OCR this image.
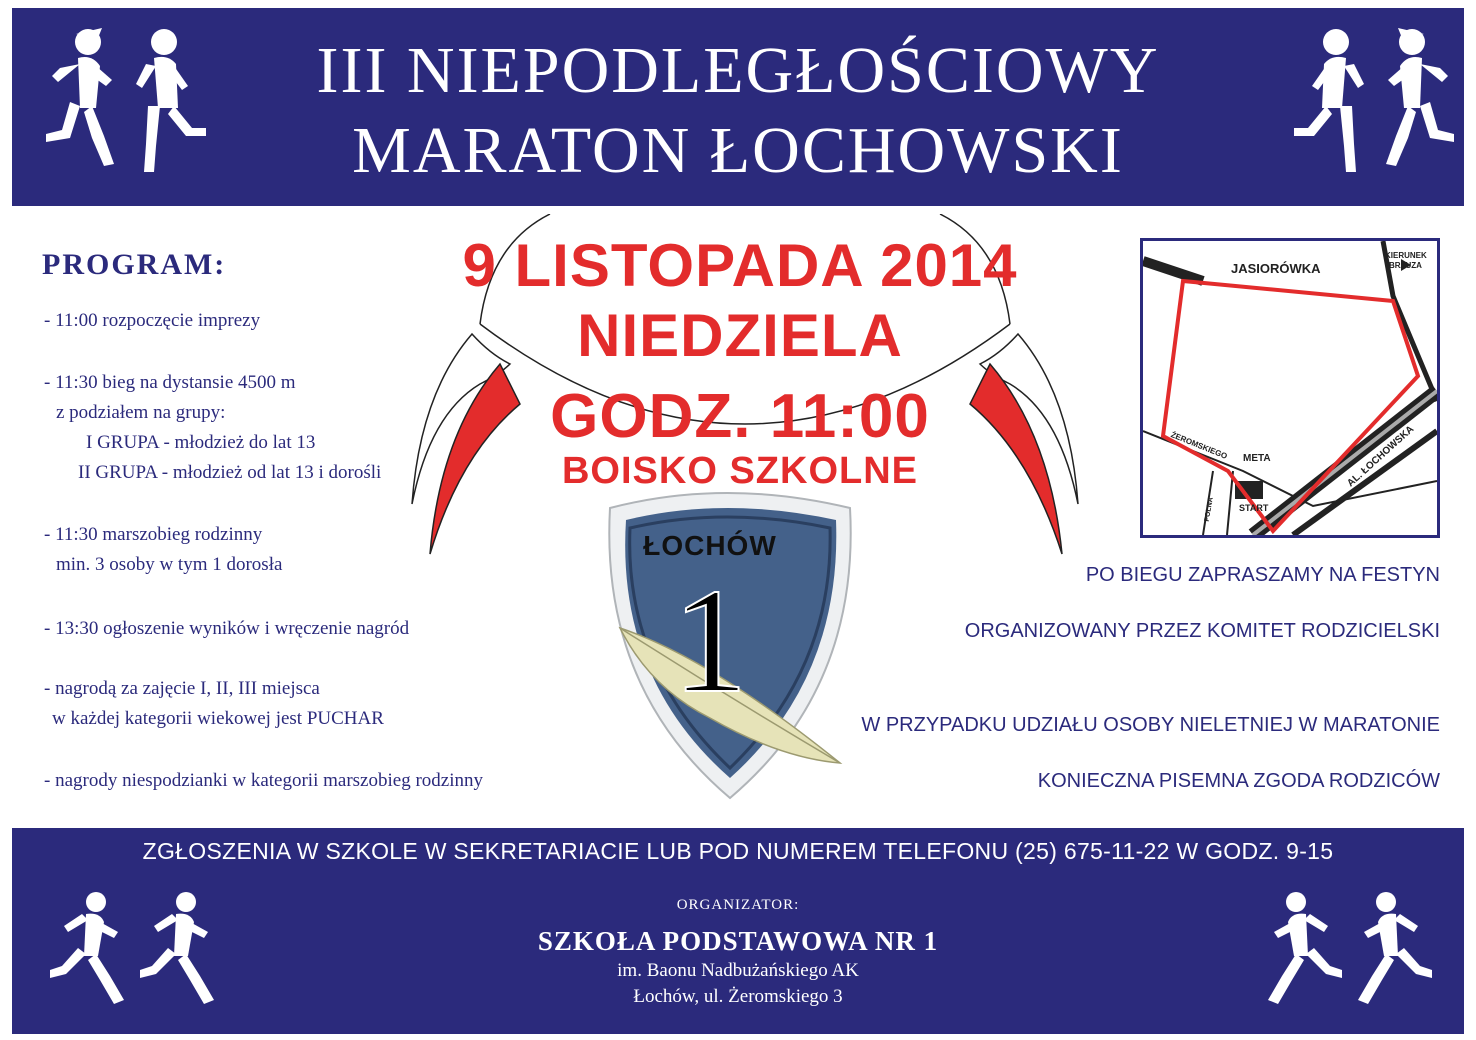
III NIEPODLEGŁOŚCIOWY
MARATON ŁOCHOWSKI
PROGRAM:
- 11:00 rozpoczęcie imprezy
- 11:30 bieg na dystansie 4500 m
z podziałem na grupy:
I GRUPA - młodzież do lat 13
II GRUPA - młodzież od lat 13 i dorośli
- 11:30 marszobieg rodzinny
min. 3 osoby w tym 1 dorosła
- 13:30 ogłoszenie wyników i wręczenie nagród
- nagrodą za zajęcie I, II, III miejsca
w każdej kategorii wiekowej jest PUCHAR
- nagrody niespodzianki w kategorii marszobieg rodzinny
9 LISTOPADA 2014
NIEDZIELA
GODZ. 11:00
BOISKO SZKOLNE
JASIORÓWKA
KIERUNEK
BRZUZA
ŻEROMSKIEGO	AL. ŁOCHOWSKA
POLNA
META
START
ŁOCHÓW
1	PO BIEGU ZAPRASZAMY NA FESTYN
ORGANIZOWANY PRZEZ KOMITET RODZICIELSKI
W PRZYPADKU UDZIAŁU OSOBY NIELETNIEJ W MARATONIE
KONIECZNA PISEMNA ZGODA RODZICÓW
ZGŁOSZENIA W SZKOLE W SEKRETARIACIE LUB POD NUMEREM TELEFONU (25) 675-11-22 W GODZ. 9-15
ORGANIZATOR:
SZKOŁA PODSTAWOWA NR 1
im. Baonu Nadbużańskiego AK
Łochów, ul. Żeromskiego 3
